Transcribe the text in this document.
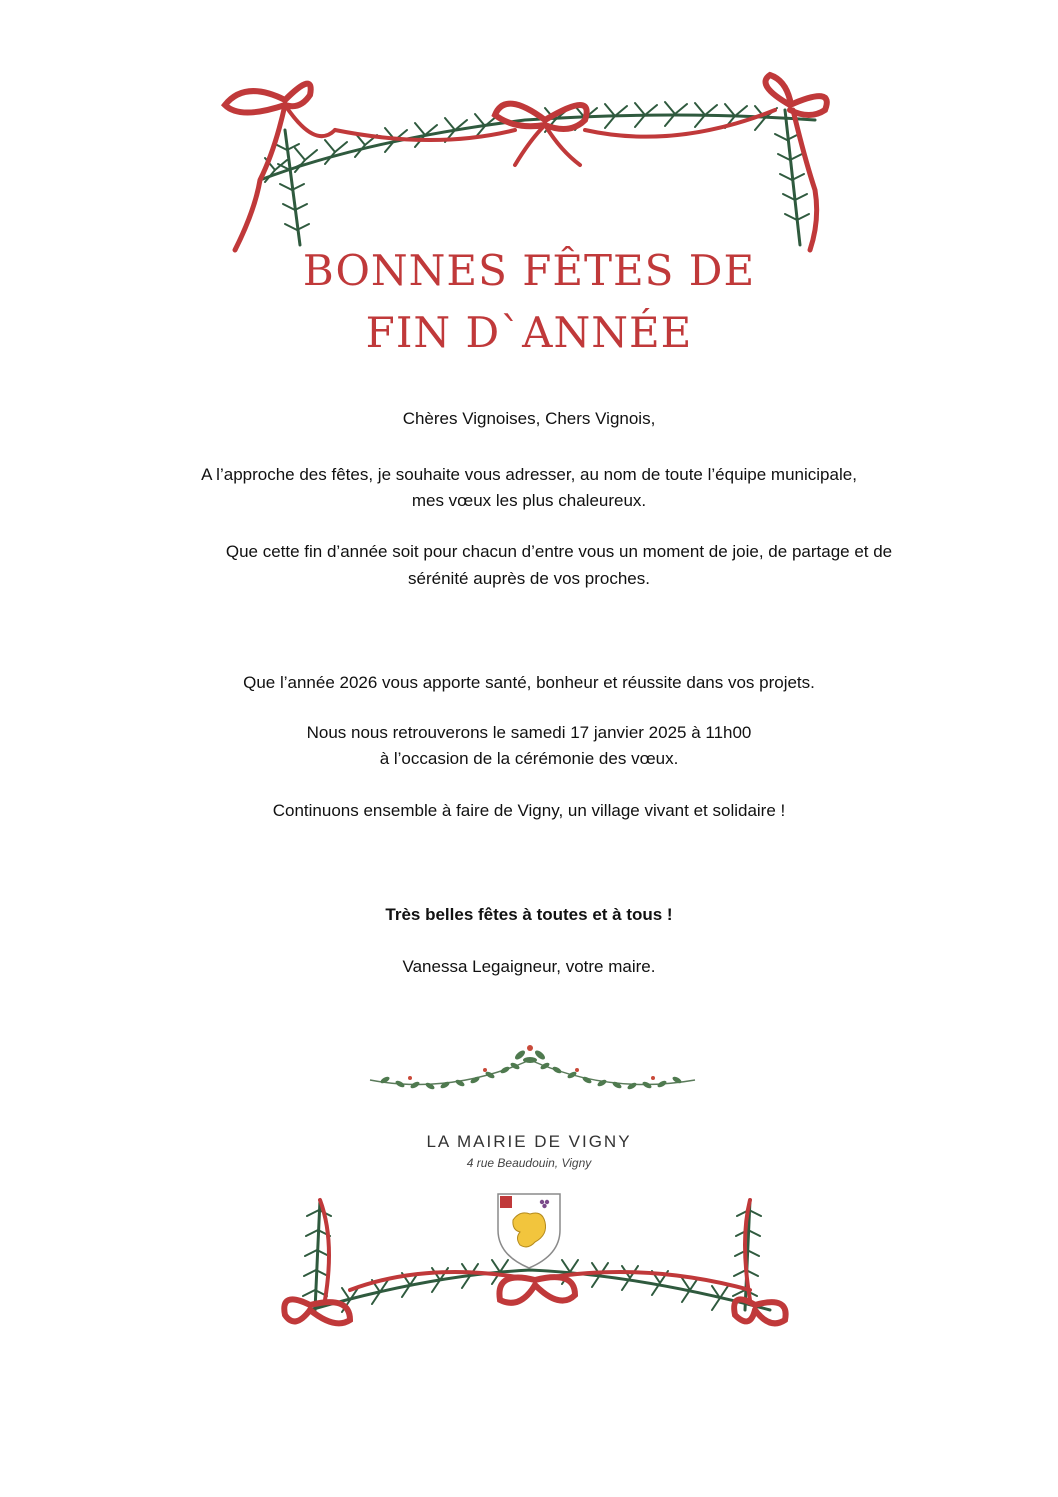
BONNES FÊTES DE
FIN D`ANNÉE
Chères Vignoises, Chers Vignois,
A l’approche des fêtes, je souhaite vous adresser, au nom de toute l’équipe municipale,
mes vœux les plus chaleureux.
Que cette fin d’année soit pour chacun d’entre vous un moment de joie, de partage et de
sérénité auprès de vos proches.
Que l’année 2026 vous apporte santé, bonheur et réussite dans vos projets.
Nous nous retrouverons le samedi 17 janvier 2025 à 11h00
à l’occasion de la cérémonie des vœux.
Continuons ensemble à faire de Vigny, un village vivant et solidaire !
Très belles fêtes à toutes et à tous !
Vanessa Legaigneur, votre maire.
LA MAIRIE DE VIGNY
4 rue Beaudouin, Vigny
